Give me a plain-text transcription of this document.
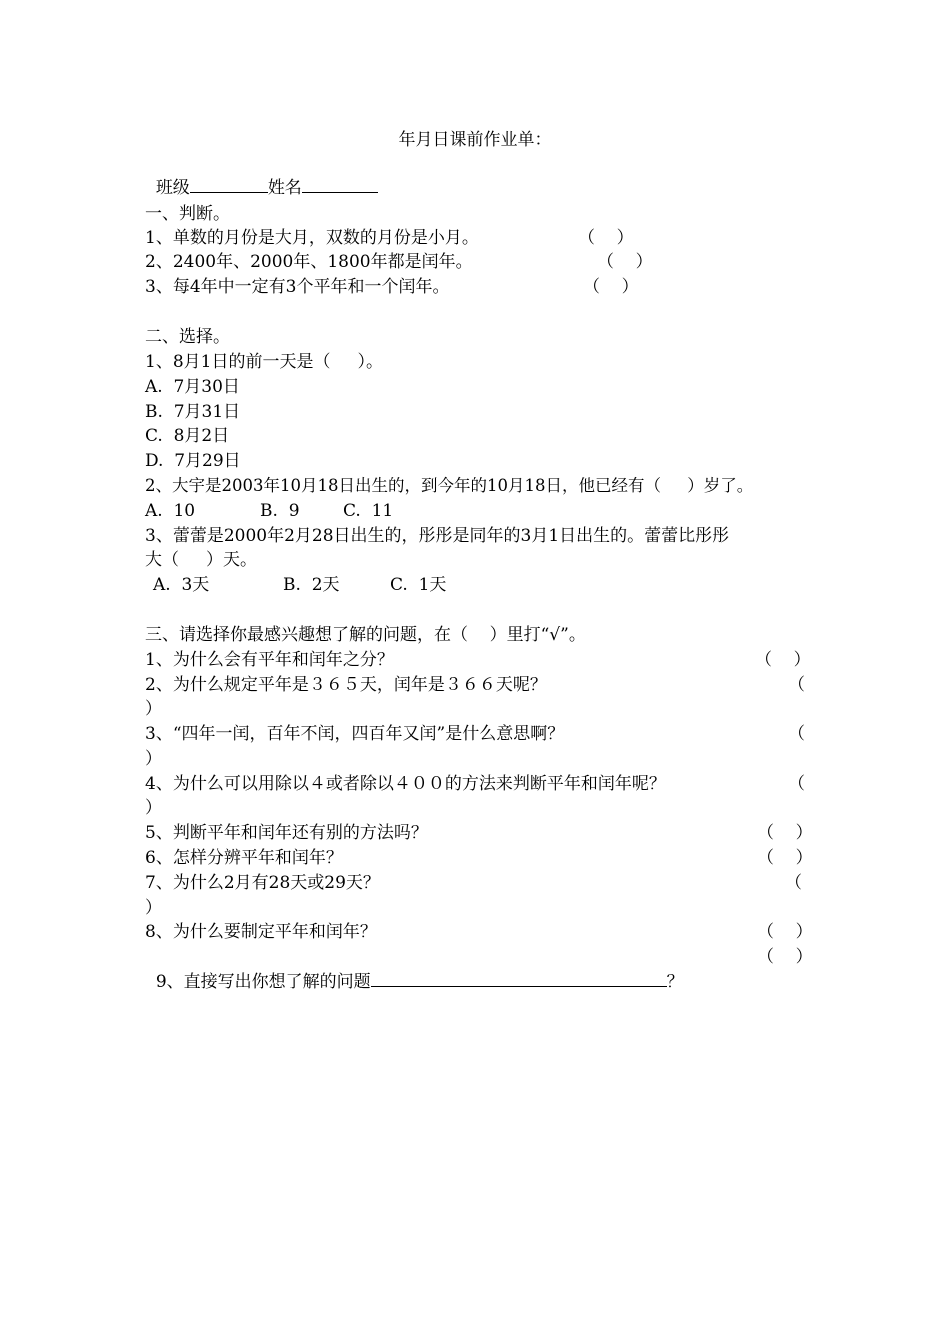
年月日课前作业单：

班级	姓名

一、判断。
1、单数的月份是大月，双数的月份是小月。	（    ）
2、2400年、2000年、1800年都是闰年。	（    ）
3、每4年中一定有3个平年和一个闰年。	（    ）
二、选择。
1、8月1日的前一天是（     ）。
A.  7月30日
B.  7月31日
C.  8月2日
D.  7月29日
2、大宇是2003年10月18日出生的，到今年的10月18日，他已经有（     ）岁了。
A.  10	B.  9	C.  11
3、蕾蕾是2000年2月28日出生的，彤彤是同年的3月1日出生的。蕾蕾比彤彤
大（     ）天。
A.  3天	B.  2天	C.  1天
三、请选择你最感兴趣想了解的问题，在（    ）里打“√”。
1、为什么会有平年和闰年之分？	（    ）
2、为什么规定平年是３６５天，闰年是３６６天呢？	（
）
3、“四年一闰，百年不闰，四百年又闰”是什么意思啊？	（
）
4、为什么可以用除以４或者除以４００的方法来判断平年和闰年呢？	（
）
5、判断平年和闰年还有别的方法吗？	（    ）
6、怎样分辨平年和闰年？	（    ）
7、为什么2月有28天或29天？	（
）
8、为什么要制定平年和闰年？	（    ）

9、直接写出你想了解的问题	？

（    ）
